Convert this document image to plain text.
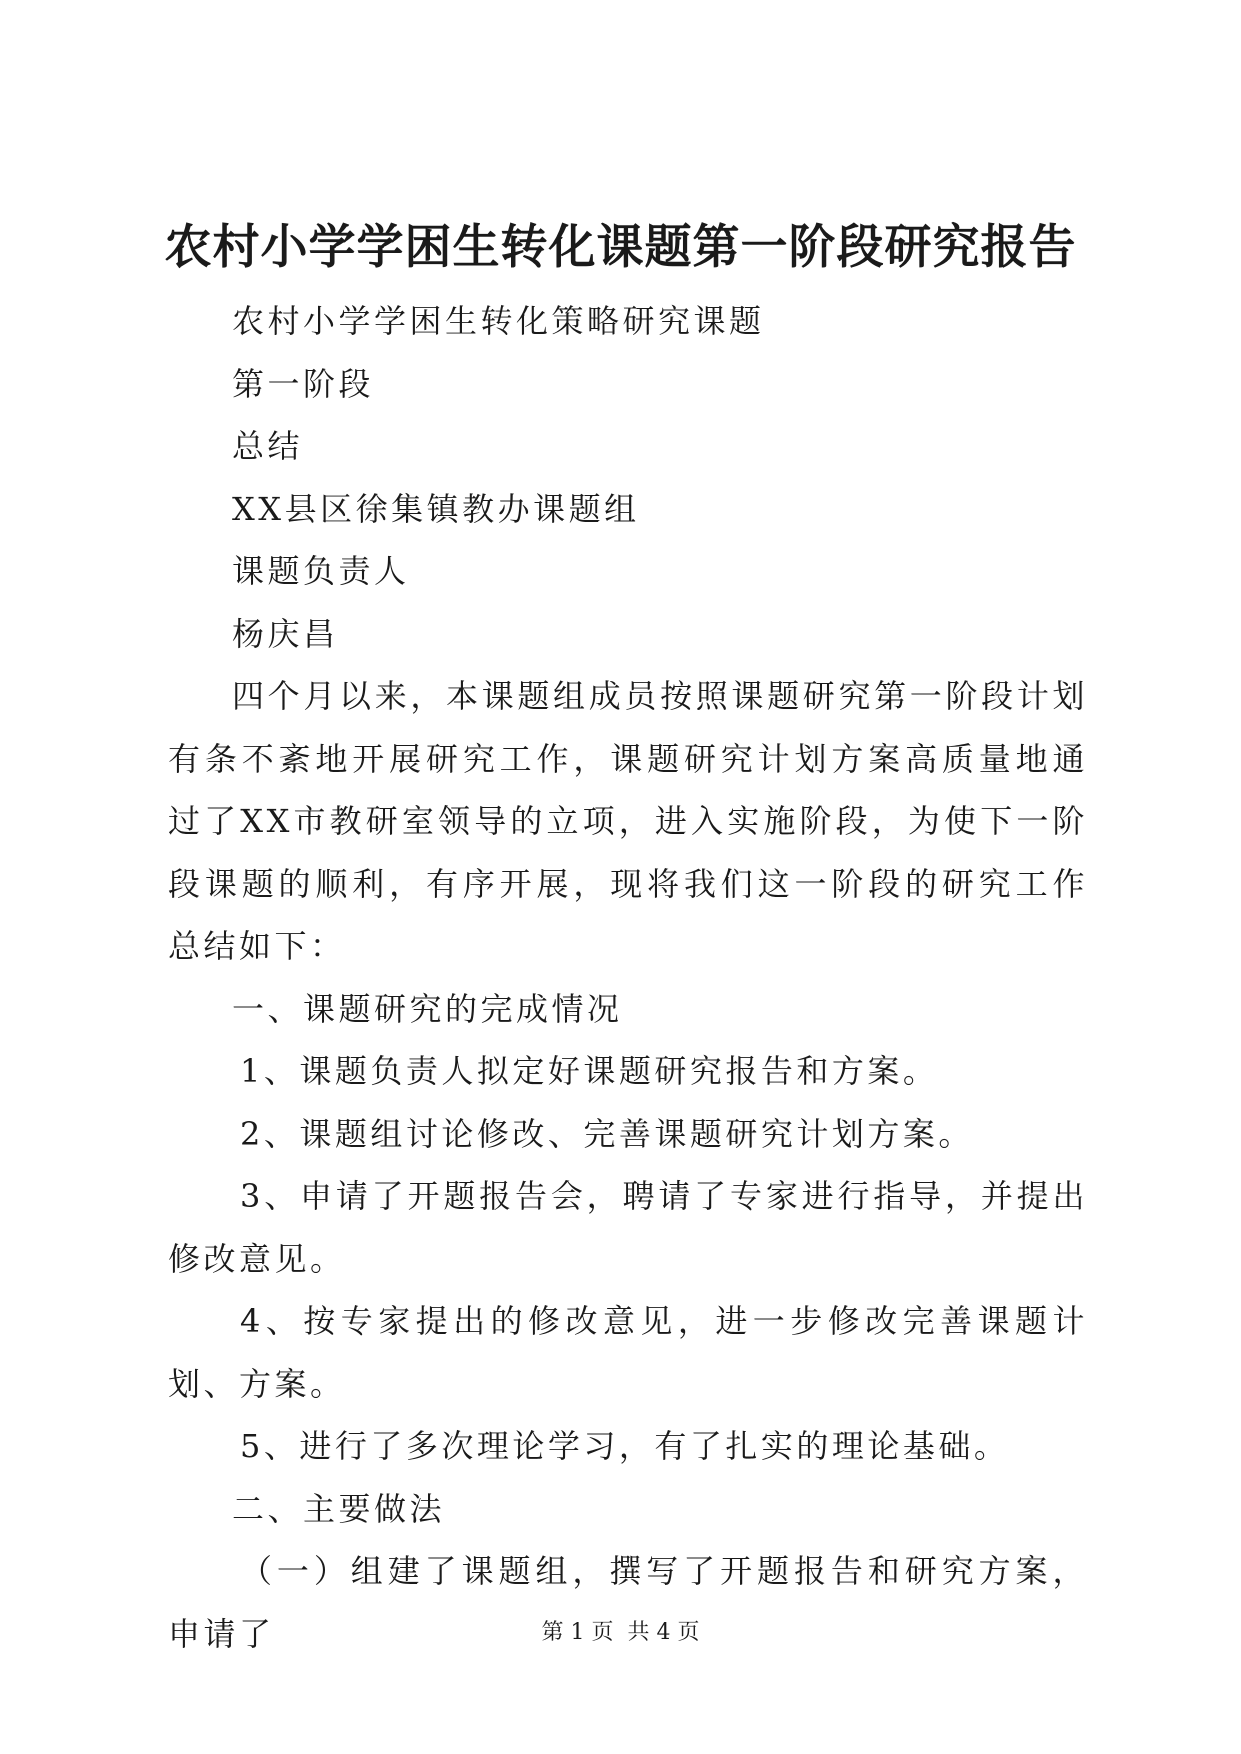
农村小学学困生转化课题第一阶段研究报告

农村小学学困生转化策略研究课题

第一阶段

总结

XX县区徐集镇教办课题组

课题负责人

杨庆昌

四个月以来，本课题组成员按照课题研究第一阶段计划有条不紊地开展研究工作，课题研究计划方案高质量地通过了XX市教研室领导的立项，进入实施阶段，为使下一阶段课题的顺利，有序开展，现将我们这一阶段的研究工作总结如下：

一、课题研究的完成情况

1、课题负责人拟定好课题研究报告和方案。

2、课题组讨论修改、完善课题研究计划方案。

3、申请了开题报告会，聘请了专家进行指导，并提出修改意见。

4、按专家提出的修改意见，进一步修改完善课题计划、方案。

5、进行了多次理论学习，有了扎实的理论基础。

二、主要做法

（一）组建了课题组，撰写了开题报告和研究方案，申请了	第 1 页  共 4 页
